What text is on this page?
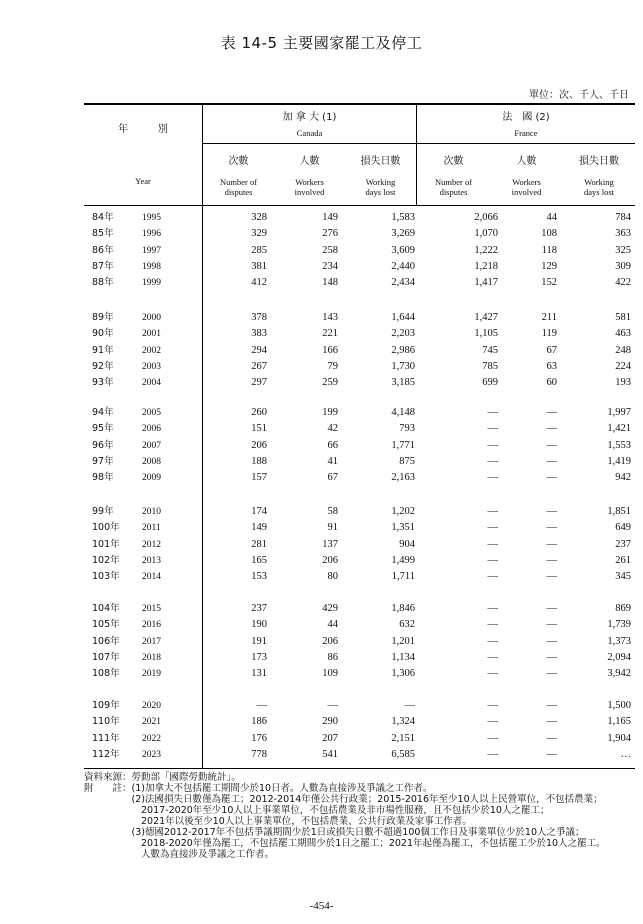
表 14-5 主要國家罷工及停工
單位：次、千人、千日
年　　　別
Year
加 拿 大 (1)
Canada
法　國 (2)
France
次數
Number of
disputes
人數
Workers
involved
損失日數
Working
days lost
次數
Number of
disputes
人數
Workers
involved
損失日數
Working
days lost
84年	1995	328	149	1,583	2,066	44	784
85年	1996	329	276	3,269	1,070	108	363
86年	1997	285	258	3,609	1,222	118	325
87年	1998	381	234	2,440	1,218	129	309
88年	1999	412	148	2,434	1,417	152	422
89年	2000	378	143	1,644	1,427	211	581
90年	2001	383	221	2,203	1,105	119	463
91年	2002	294	166	2,986	745	67	248
92年	2003	267	79	1,730	785	63	224
93年	2004	297	259	3,185	699	60	193
94年	2005	260	199	4,148	—	—	1,997
95年	2006	151	42	793	—	—	1,421
96年	2007	206	66	1,771	—	—	1,553
97年	2008	188	41	875	—	—	1,419
98年	2009	157	67	2,163	—	—	942
99年	2010	174	58	1,202	—	—	1,851
100年 2011	149	91	1,351	—	—	649
101年 2012	281	137	904	—	—	237
102年 2013	165	206	1,499	—	—	261
103年 2014	153	80	1,711	—	—	345
104年 2015	237	429	1,846	—	—	869
105年 2016	190	44	632	—	—	1,739
106年 2017	191	206	1,201	—	—	1,373
107年 2018	173	86	1,134	—	—	2,094
108年 2019	131	109	1,306	—	—	3,942
109年 2020	—	—	—	—	—	1,500
110年 2021	186	290	1,324	—	—	1,165
111年 2022	176	207	2,151	—	—	1,904
112年 2023	778	541	6,585	—	—	…
資料來源：勞動部「國際勞動統計」。
附　　註：(1)加拿大不包括罷工期間少於10日者。人數為直接涉及爭議之工作者。
　　　　　(2)法國損失日數僅為罷工；2012-2014年僅公共行政業；2015-2016年至少10人以上民營單位，不包括農業；
　　　　　　2017-2020年至少10人以上事業單位，不包括農業及非市場性服務，且不包括少於10人之罷工；
　　　　　　2021年以後至少10人以上事業單位，不包括農業、公共行政業及家事工作者。
　　　　　(3)德國2012-2017年不包括爭議期間少於1日或損失日數不超過100個工作日及事業單位少於10人之爭議；
　　　　　　2018-2020年僅為罷工，不包括罷工期間少於1日之罷工；2021年起僅為罷工，不包括罷工少於10人之罷工。
　　　　　　人數為直接涉及爭議之工作者。
-454-
